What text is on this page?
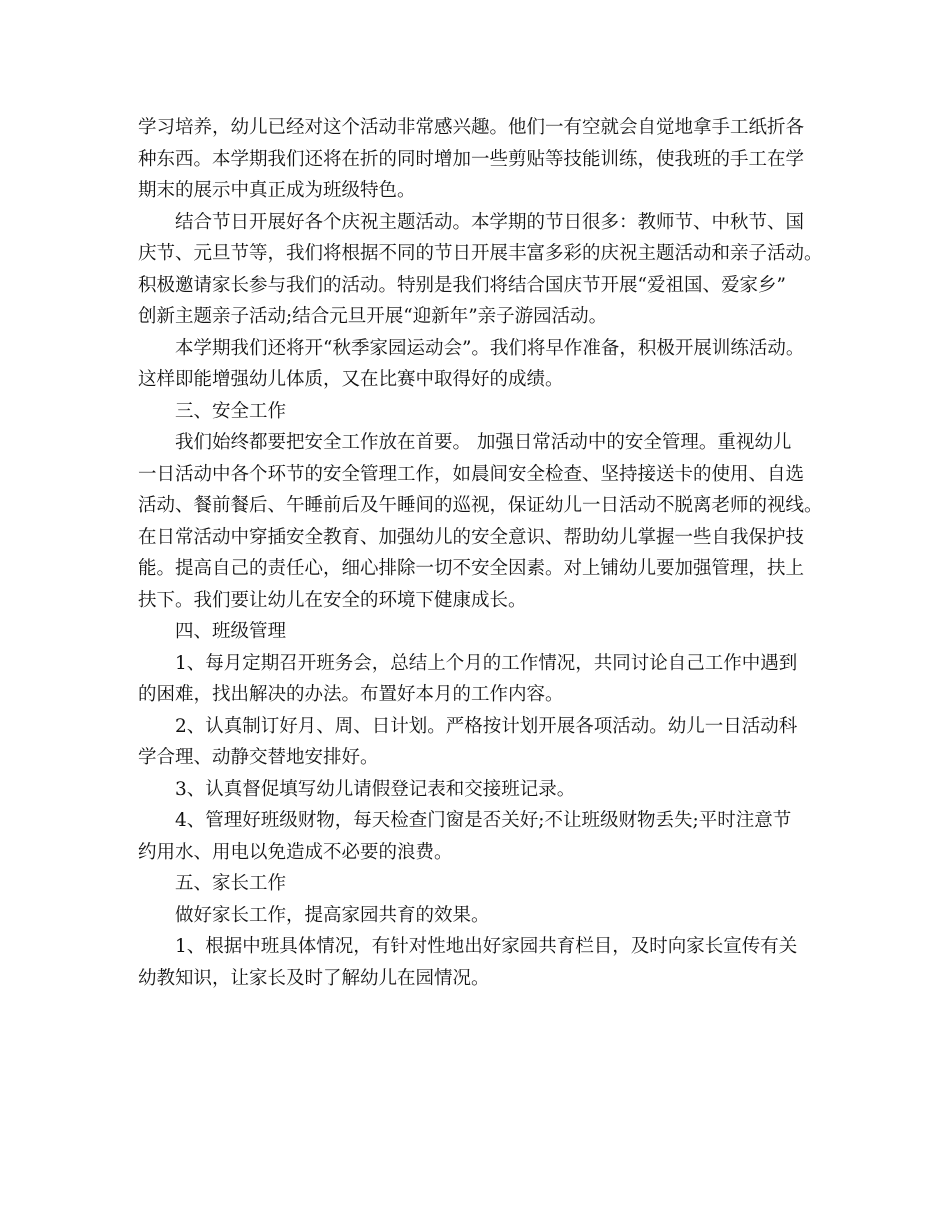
学习培养，幼儿已经对这个活动非常感兴趣。他们一有空就会自觉地拿手工纸折各
种东西。本学期我们还将在折的同时增加一些剪贴等技能训练，使我班的手工在学
期末的展示中真正成为班级特色。
结合节日开展好各个庆祝主题活动。本学期的节日很多：教师节、中秋节、国
庆节、元旦节等，我们将根据不同的节日开展丰富多彩的庆祝主题活动和亲子活动。
积极邀请家长参与我们的活动。特别是我们将结合国庆节开展“爱祖国、爱家乡”
创新主题亲子活动;结合元旦开展“迎新年”亲子游园活动。
本学期我们还将开“秋季家园运动会”。我们将早作准备，积极开展训练活动。
这样即能增强幼儿体质，又在比赛中取得好的成绩。
三、安全工作
我们始终都要把安全工作放在首要。 加强日常活动中的安全管理。重视幼儿
一日活动中各个环节的安全管理工作，如晨间安全检查、坚持接送卡的使用、自选
活动、餐前餐后、午睡前后及午睡间的巡视，保证幼儿一日活动不脱离老师的视线。
在日常活动中穿插安全教育、加强幼儿的安全意识、帮助幼儿掌握一些自我保护技
能。提高自己的责任心，细心排除一切不安全因素。对上铺幼儿要加强管理，扶上
扶下。我们要让幼儿在安全的环境下健康成长。
四、班级管理
1、每月定期召开班务会，总结上个月的工作情况，共同讨论自己工作中遇到
的困难，找出解决的办法。布置好本月的工作内容。
2、认真制订好月、周、日计划。严格按计划开展各项活动。幼儿一日活动科
学合理、动静交替地安排好。
3、认真督促填写幼儿请假登记表和交接班记录。
4、管理好班级财物，每天检查门窗是否关好;不让班级财物丢失;平时注意节
约用水、用电以免造成不必要的浪费。
五、家长工作
做好家长工作，提高家园共育的效果。
1、根据中班具体情况，有针对性地出好家园共育栏目，及时向家长宣传有关
幼教知识，让家长及时了解幼儿在园情况。
